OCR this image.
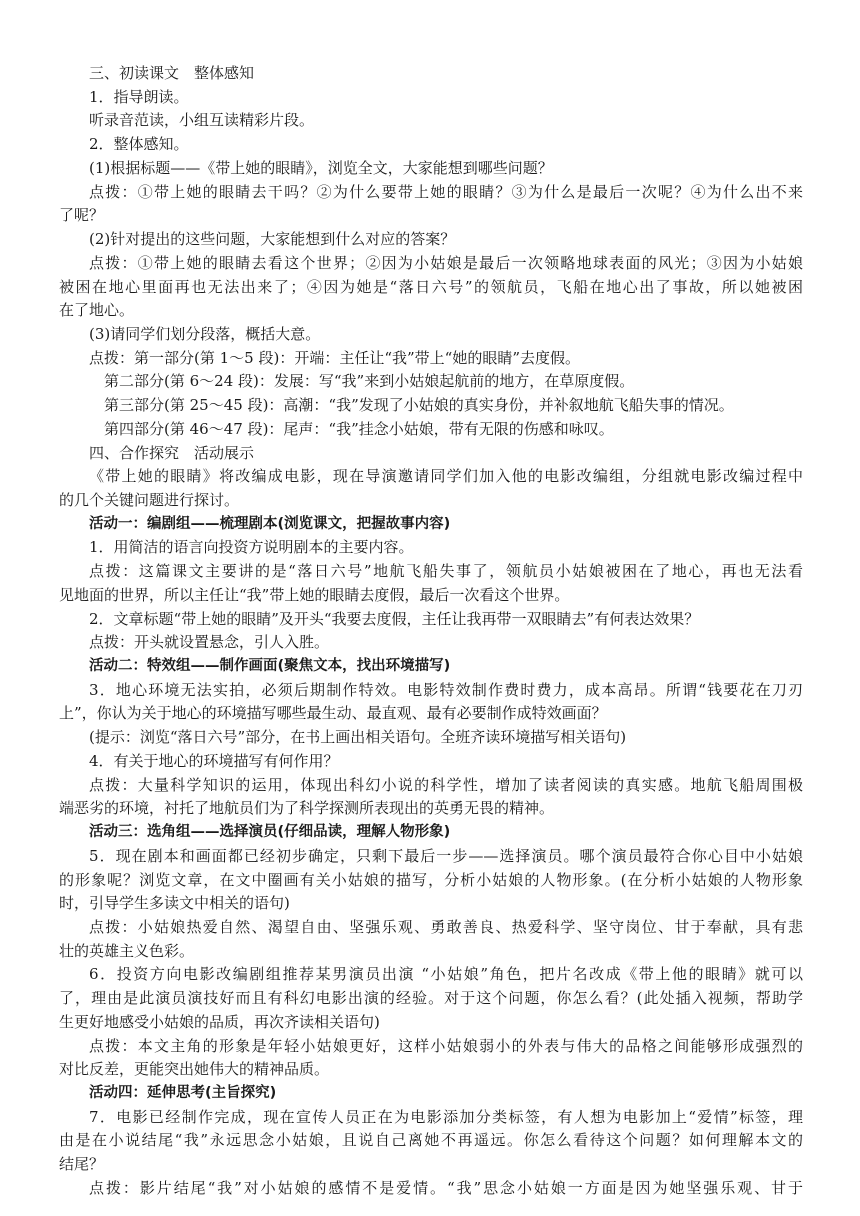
三、初读课文　整体感知
1．指导朗读。
听录音范读，小组互读精彩片段。
2．整体感知。
(1)根据标题——《带上她的眼睛》，浏览全文，大家能想到哪些问题？
点拨：①带上她的眼睛去干吗？②为什么要带上她的眼睛？③为什么是最后一次呢？④为什么出不来
了呢？
(2)针对提出的这些问题，大家能想到什么对应的答案？
点拨：①带上她的眼睛去看这个世界；②因为小姑娘是最后一次领略地球表面的风光；③因为小姑娘
被困在地心里面再也无法出来了；④因为她是“落日六号”的领航员，飞船在地心出了事故，所以她被困
在了地心。
(3)请同学们划分段落，概括大意。
点拨：第一部分(第 1～5 段)：开端：主任让“我”带上“她的眼睛”去度假。
第二部分(第 6～24 段)：发展：写“我”来到小姑娘起航前的地方，在草原度假。
第三部分(第 25～45 段)：高潮：“我”发现了小姑娘的真实身份，并补叙地航飞船失事的情况。
第四部分(第 46～47 段)：尾声：“我”挂念小姑娘，带有无限的伤感和咏叹。
四、合作探究　活动展示
《带上她的眼睛》将改编成电影，现在导演邀请同学们加入他的电影改编组，分组就电影改编过程中
的几个关键问题进行探讨。
活动一：编剧组——梳理剧本(浏览课文，把握故事内容)
1．用简洁的语言向投资方说明剧本的主要内容。
点拨：这篇课文主要讲的是“落日六号”地航飞船失事了，领航员小姑娘被困在了地心，再也无法看
见地面的世界，所以主任让“我”带上她的眼睛去度假，最后一次看这个世界。
2．文章标题“带上她的眼睛”及开头“我要去度假，主任让我再带一双眼睛去”有何表达效果？
点拨：开头就设置悬念，引人入胜。
活动二：特效组——制作画面(聚焦文本，找出环境描写)
3．地心环境无法实拍，必须后期制作特效。电影特效制作费时费力，成本高昂。所谓“钱要花在刀刃
上”，你认为关于地心的环境描写哪些最生动、最直观、最有必要制作成特效画面？
(提示：浏览“落日六号”部分，在书上画出相关语句。全班齐读环境描写相关语句)
4．有关于地心的环境描写有何作用？
点拨：大量科学知识的运用，体现出科幻小说的科学性，增加了读者阅读的真实感。地航飞船周围极
端恶劣的环境，衬托了地航员们为了科学探测所表现出的英勇无畏的精神。
活动三：选角组——选择演员(仔细品读，理解人物形象)
5．现在剧本和画面都已经初步确定，只剩下最后一步——选择演员。哪个演员最符合你心目中小姑娘
的形象呢？浏览文章，在文中圈画有关小姑娘的描写，分析小姑娘的人物形象。(在分析小姑娘的人物形象
时，引导学生多读文中相关的语句)
点拨：小姑娘热爱自然、渴望自由、坚强乐观、勇敢善良、热爱科学、坚守岗位、甘于奉献，具有悲
壮的英雄主义色彩。
6．投资方向电影改编剧组推荐某男演员出演 “小姑娘”角色，把片名改成《带上他的眼睛》就可以
了，理由是此演员演技好而且有科幻电影出演的经验。对于这个问题，你怎么看？(此处插入视频，帮助学
生更好地感受小姑娘的品质，再次齐读相关语句)
点拨：本文主角的形象是年轻小姑娘更好，这样小姑娘弱小的外表与伟大的品格之间能够形成强烈的
对比反差，更能突出她伟大的精神品质。
活动四：延伸思考(主旨探究)
7．电影已经制作完成，现在宣传人员正在为电影添加分类标签，有人想为电影加上“爱情”标签，理
由是在小说结尾“我”永远思念小姑娘，且说自己离她不再遥远。你怎么看待这个问题？如何理解本文的
结尾？
点拨：影片结尾“我”对小姑娘的感情不是爱情。“我”思念小姑娘一方面是因为她坚强乐观、甘于
